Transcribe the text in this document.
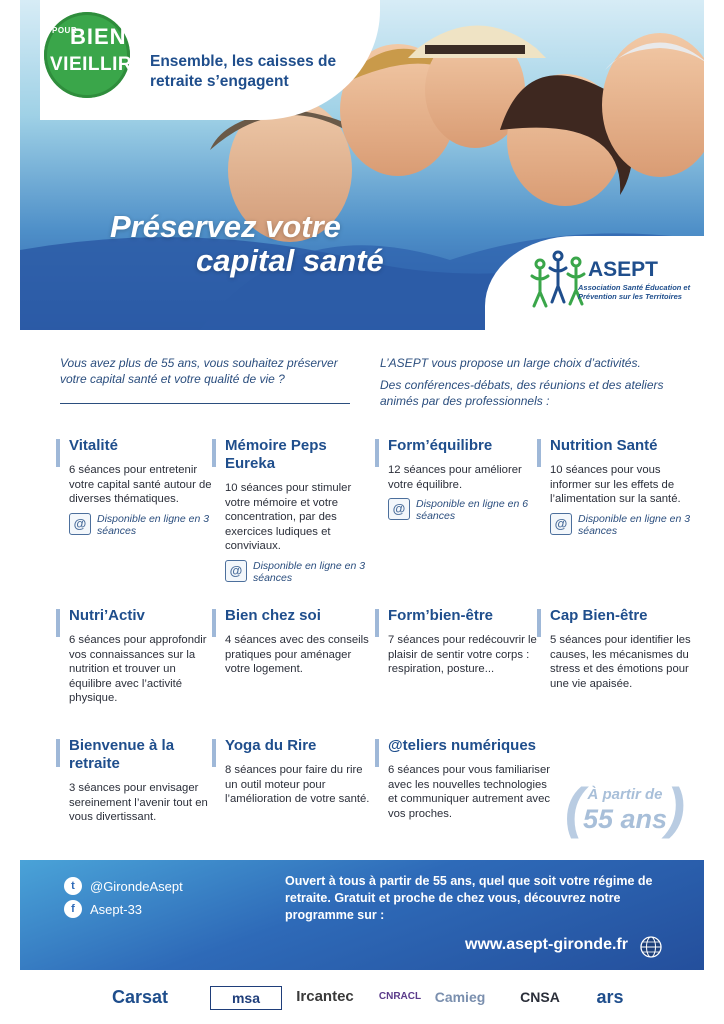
POUR
BIEN
VIEILLIR Ensemble, les caisses de retraite s’engagent
Préservez votre
capital santé	ASEPT
Association Santé Éducation et Prévention sur les Territoires
Vous avez plus de 55 ans, vous souhaitez préserver votre capital santé et votre qualité de vie ?

L’ASEPT vous propose un large choix d’activités.

Des conférences-débats, des réunions et des ateliers animés par des professionnels :

Vitalité
6 séances pour entretenir votre capital santé autour de diverses thématiques.
@	Disponible en ligne en 3 séances
Mémoire Peps Eureka
10 séances pour stimuler votre mémoire et votre concentration, par des exercices ludiques et conviviaux.
@	Disponible en ligne en 3 séances
Form’équilibre
12 séances pour améliorer votre équilibre.
@	Disponible en ligne en 6 séances
Nutrition Santé
10 séances pour vous informer sur les effets de l’alimentation sur la santé.
@	Disponible en ligne en 3 séances
Nutri’Activ
6 séances pour approfondir vos connaissances sur la nutrition et trouver un équilibre avec l’activité physique.
Bien chez soi
4 séances avec des conseils pratiques pour aménager votre logement.
Form’bien-être
7 séances pour redécouvrir le plaisir de sentir votre corps : respiration, posture...
Cap Bien-être
5 séances pour identifier les causes, les mécanismes du stress et des émotions pour une vie apaisée.
Bienvenue à la retraite
3 séances pour envisager sereinement l’avenir tout en vous divertissant.
Yoga du Rire
8 séances pour faire du rire un outil moteur pour l’amélioration de votre santé.
@teliers numériques
6 séances pour vous familiariser avec les nouvelles technologies et communiquer autrement avec vos proches.	( À partir de
55 ans )
t	@GirondeAsept
f	Asept-33
Ouvert à tous à partir de 55 ans, quel que soit votre régime de retraite. Gratuit et proche de chez vous, découvrez notre programme sur :
www.asept-gironde.fr
Carsat	msa	Ircantec	CNRACL Camieg	CNSA	ars
